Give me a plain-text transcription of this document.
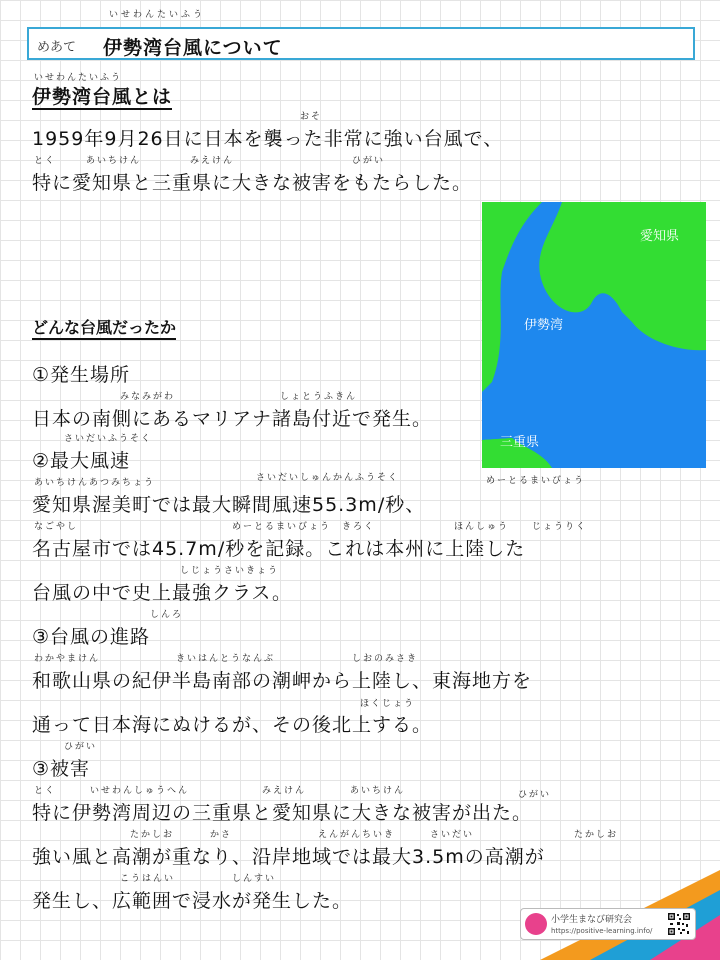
いせわんたいふう
めあて 伊勢湾台風について
いせわんたいふう
伊勢湾台風とは
おそ
1959年9月26日に日本を襲った非常に強い台風で、
とく	あいちけん	みえけん	ひがい
特に愛知県と三重県に大きな被害をもたらした。
愛知県
伊勢湾
三重県
どんな台風だったか
①発生場所
みなみがわ	しょとうふきん
日本の南側にあるマリアナ諸島付近で発生。
さいだいふうそく
②最大風速
あいちけんあつみちょう	さいだいしゅんかんふうそく	めーとるまいびょう
愛知県渥美町では最大瞬間風速55.3m/秒、
なごやし	めーとるまいびょう きろく	ほんしゅう	じょうりく
名古屋市では45.7m/秒を記録。これは本州に上陸した
しじょうさいきょう
台風の中で史上最強クラス。
しんろ
③台風の進路
わかやまけん	きいはんとうなんぶ	しおのみさき
和歌山県の紀伊半島南部の潮岬から上陸し、東海地方を
ほくじょう
通って日本海にぬけるが、その後北上する。
ひがい
③被害
とく	いせわんしゅうへん	みえけん	あいちけん	ひがい
特に伊勢湾周辺の三重県と愛知県に大きな被害が出た。
たかしお	かさ	えんがんちいき	さいだい	たかしお
強い風と高潮が重なり、沿岸地域では最大3.5mの高潮が
こうはんい	しんすい
発生し、広範囲で浸水が発生した。
小学生まなび研究会
https://positive-learning.info/
